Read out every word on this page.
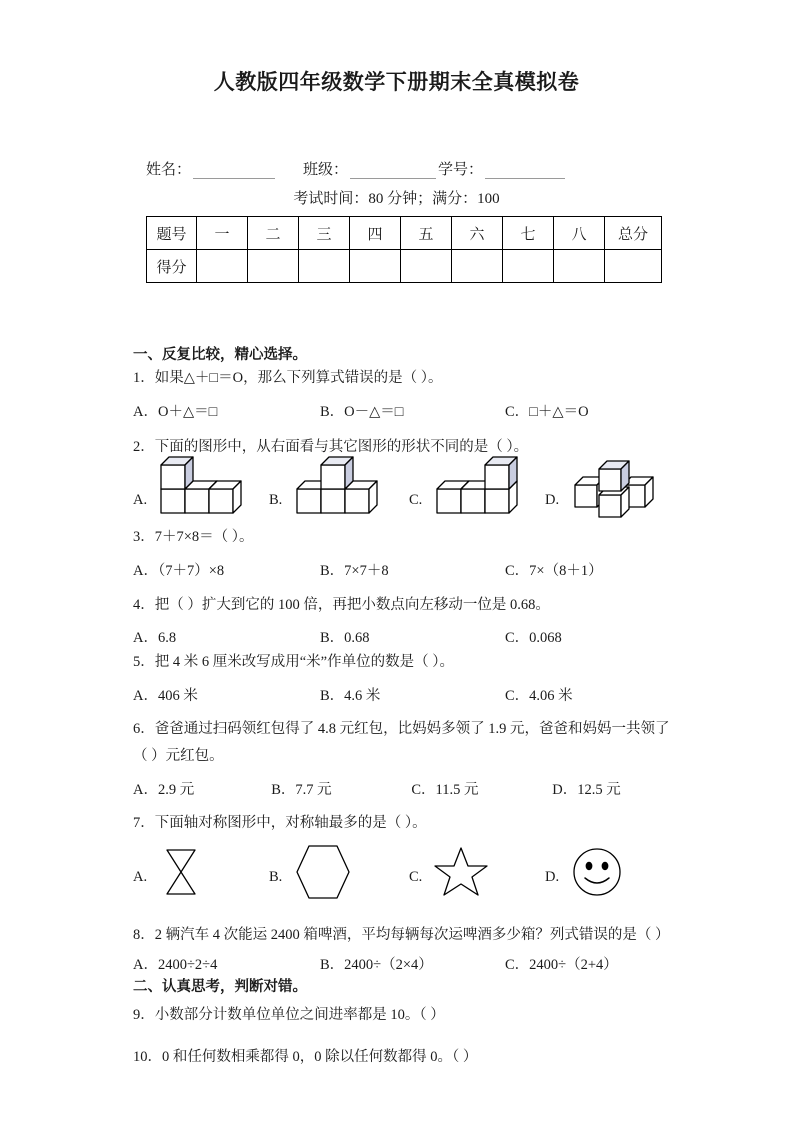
人教版四年级数学下册期末全真模拟卷
姓名：	班级：	学号：
考试时间：80 分钟；满分：100
题号	一	二	三	四	五	六	七	八	总分
得分									
一、反复比较，精心选择。
1．如果△＋□＝O，那么下列算式错误的是（ ）。
A．O＋△＝□	B．O－△＝□	C．□＋△＝O
2．下面的图形中，从右面看与其它图形的形状不同的是（ ）。
A.	B.	C.	D.
3．7＋7×8＝（ ）。
A．（7＋7）×8	B．7×7＋8	C．7×（8＋1）
4．把（ ）扩大到它的 100 倍，再把小数点向左移动一位是 0.68。
A．6.8	B．0.68	C．0.068
5．把 4 米 6 厘米改写成用“米”作单位的数是（ ）。
A．406 米	B．4.6 米	C．4.06 米
6．爸爸通过扫码领红包得了 4.8 元红包，比妈妈多领了 1.9 元，爸爸和妈妈一共领了
（ ）元红包。
A．2.9 元	B．7.7 元	C．11.5 元	D．12.5 元
7．下面轴对称图形中，对称轴最多的是（ ）。
A.	B.	C.	D.
8．2 辆汽车 4 次能运 2400 箱啤酒，平均每辆每次运啤酒多少箱？列式错误的是（ ）
A．2400÷2÷4	B．2400÷（2×4）	C．2400÷（2+4）
二、认真思考，判断对错。
9．小数部分计数单位单位之间进率都是 10。（ ）
10．0 和任何数相乘都得 0，0 除以任何数都得 0。（ ）
